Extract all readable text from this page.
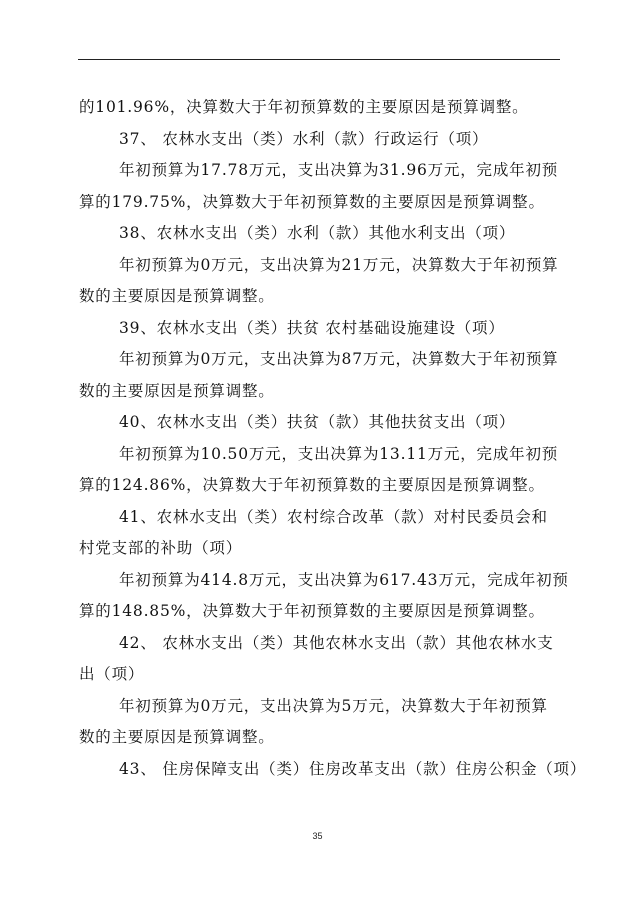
的101.96%，决算数大于年初预算数的主要原因是预算调整。
37、 农林水支出（类）水利（款）行政运行（项）
年初预算为17.78万元，支出决算为31.96万元，完成年初预
算的179.75%，决算数大于年初预算数的主要原因是预算调整。
38、农林水支出（类）水利（款）其他水利支出（项）
年初预算为0万元，支出决算为21万元，决算数大于年初预算
数的主要原因是预算调整。
39、农林水支出（类）扶贫 农村基础设施建设（项）
年初预算为0万元，支出决算为87万元，决算数大于年初预算
数的主要原因是预算调整。
40、农林水支出（类）扶贫（款）其他扶贫支出（项）
年初预算为10.50万元，支出决算为13.11万元，完成年初预
算的124.86%，决算数大于年初预算数的主要原因是预算调整。
41、农林水支出（类）农村综合改革（款）对村民委员会和
村党支部的补助（项）
年初预算为414.8万元，支出决算为617.43万元，完成年初预
算的148.85%，决算数大于年初预算数的主要原因是预算调整。
42、 农林水支出（类）其他农林水支出（款）其他农林水支
出（项）
年初预算为0万元，支出决算为5万元，决算数大于年初预算
数的主要原因是预算调整。
43、 住房保障支出（类）住房改革支出（款）住房公积金（项）
35
